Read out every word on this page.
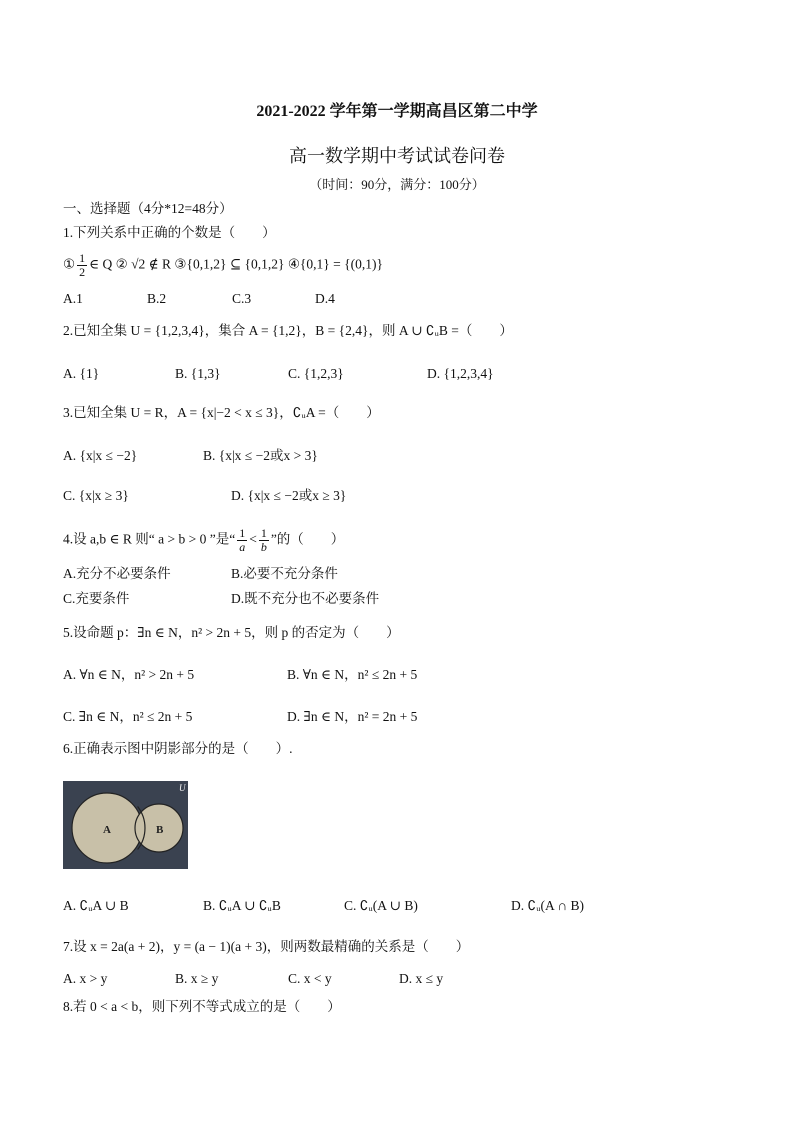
2021-2022 学年第一学期高昌区第二中学
高一数学期中考试试卷问卷
（时间：90分，满分：100分）
一、选择题（4分*12=48分）
1.下列关系中正确的个数是（　　）
① $\frac{1}{2}$ ∈ Q ② √2 ∉ R ③{0,1,2} ⊆ {0,1,2} ④{0,1} = {(0,1)}
A.1	B.2	C.3	D.4
2.已知全集 U = {1,2,3,4}，集合 A = {1,2}，B = {2,4}，则 A ∪ ∁ᵤB =（　　）
A. {1}	B. {1,3}	C. {1,2,3}	D. {1,2,3,4}
3.已知全集 U = R，A = {x|−2 < x ≤ 3}，∁ᵤA =（　　）
A. {x|x ≤ −2}	B. {x|x ≤ −2或x > 3}
C. {x|x ≥ 3}	D. {x|x ≤ −2或x ≥ 3}
4.设 a,b ∈ R 则“ a > b > 0 ”是“ $\frac{1}{a} < \frac{1}{b}$ ”的（　　）
A.充分不必要条件	B.必要不充分条件
C.充要条件	D.既不充分也不必要条件
5.设命题 p：∃n ∈ N，n² > 2n + 5，则 p 的否定为（　　）
A. ∀n ∈ N，n² > 2n + 5	B. ∀n ∈ N，n² ≤ 2n + 5
C. ∃n ∈ N，n² ≤ 2n + 5	D. ∃n ∈ N，n² = 2n + 5
6.正确表示图中阴影部分的是（　　）.
U
A	B
A. ∁ᵤA ∪ B	B. ∁ᵤA ∪ ∁ᵤB	C. ∁ᵤ(A ∪ B)	D. ∁ᵤ(A ∩ B)
7.设 x = 2a(a + 2)，y = (a − 1)(a + 3)，则两数最精确的关系是（　　）
A. x > y	B. x ≥ y	C. x < y	D. x ≤ y
8.若 0 < a < b，则下列不等式成立的是（　　）
